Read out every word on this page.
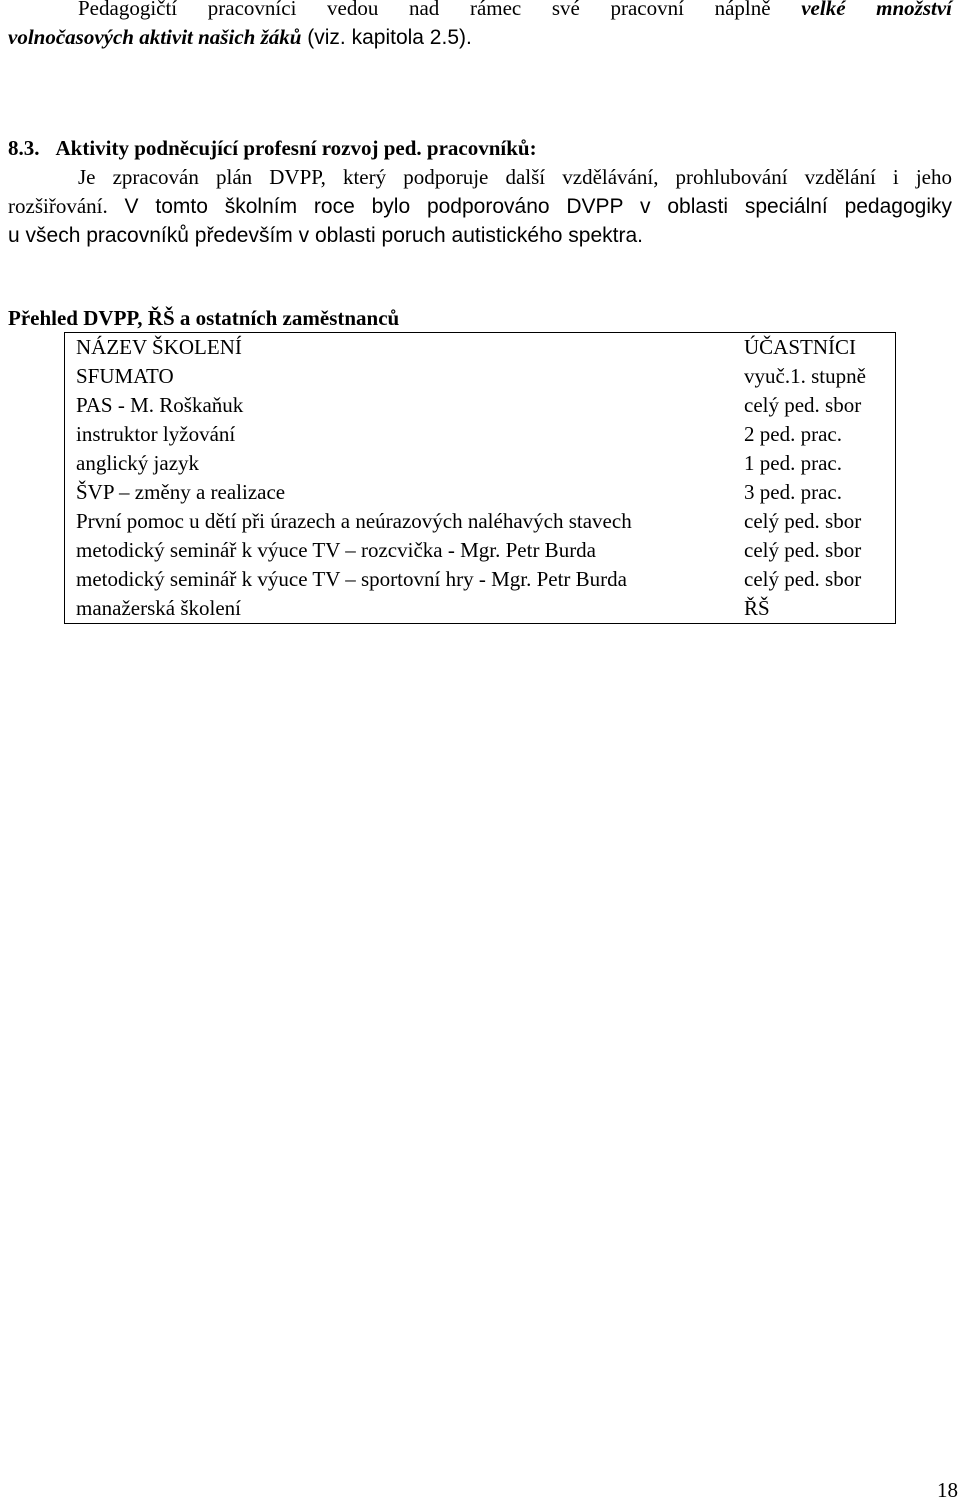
Pedagogičtí pracovníci vedou nad rámec své pracovní náplně velké množství
volnočasových aktivit našich žáků (viz. kapitola 2.5).
8.3. Aktivity podněcující profesní rozvoj ped. pracovníků:
Je zpracován plán DVPP, který podporuje další vzdělávání, prohlubování vzdělání i jeho
rozšiřování. V tomto školním roce bylo podporováno DVPP v oblasti speciální pedagogiky
u všech pracovníků především v oblasti poruch autistického spektra.
Přehled DVPP, ŘŠ a ostatních zaměstnanců
NÁZEV ŠKOLENÍ	ÚČASTNÍCI
SFUMATO	vyuč.1. stupně
PAS - M. Roškaňuk	celý ped. sbor
instruktor lyžování	2 ped. prac.
anglický jazyk	1 ped. prac.
ŠVP – změny a realizace	3 ped. prac.
První pomoc u dětí při úrazech a neúrazových naléhavých stavech	celý ped. sbor
metodický seminář k výuce TV – rozcvička - Mgr. Petr Burda	celý ped. sbor
metodický seminář k výuce TV – sportovní hry - Mgr. Petr Burda	celý ped. sbor
manažerská školení	ŘŠ
18
